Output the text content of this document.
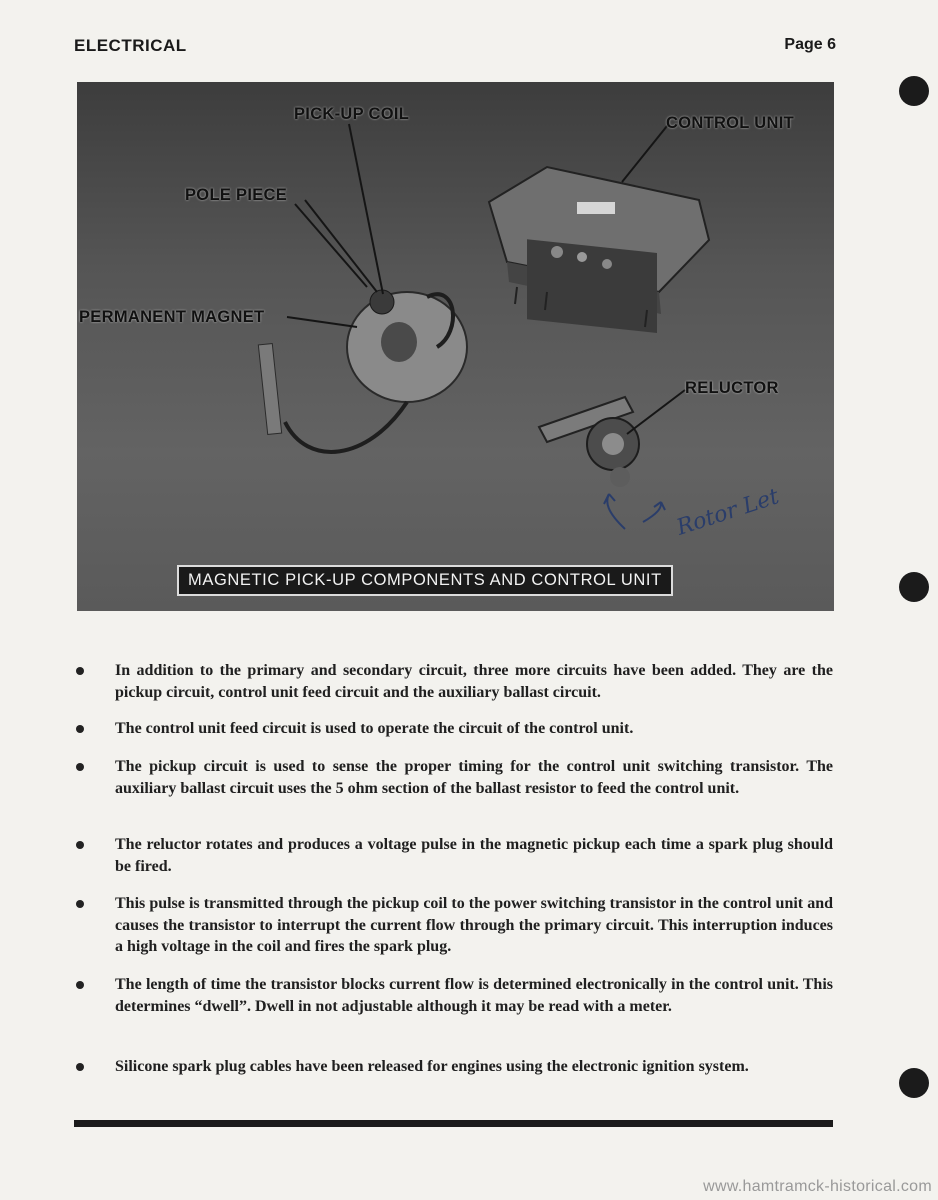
ELECTRICAL	Page 6
PICK-UP COIL	CONTROL UNIT
POLE PIECE
PERMANENT MAGNET
RELUCTOR
Rotor Let
MAGNETIC PICK-UP COMPONENTS AND CONTROL UNIT
In addition to the primary and secondary circuit, three more circuits have been added. They are the pickup circuit, control unit feed circuit and the auxiliary ballast circuit.
The control unit feed circuit is used to operate the circuit of the control unit.
The pickup circuit is used to sense the proper timing for the control unit switching transistor. The auxiliary ballast circuit uses the 5 ohm section of the ballast resistor to feed the control unit.
The reluctor rotates and produces a voltage pulse in the magnetic pickup each time a spark plug should be fired.
This pulse is transmitted through the pickup coil to the power switching transistor in the control unit and causes the transistor to interrupt the current flow through the primary circuit. This interruption induces a high voltage in the coil and fires the spark plug.
The length of time the transistor blocks current flow is determined electronically in the control unit. This determines “dwell”. Dwell in not adjustable although it may be read with a meter.
Silicone spark plug cables have been released for engines using the electronic ignition system.
www.hamtramck-historical.com
